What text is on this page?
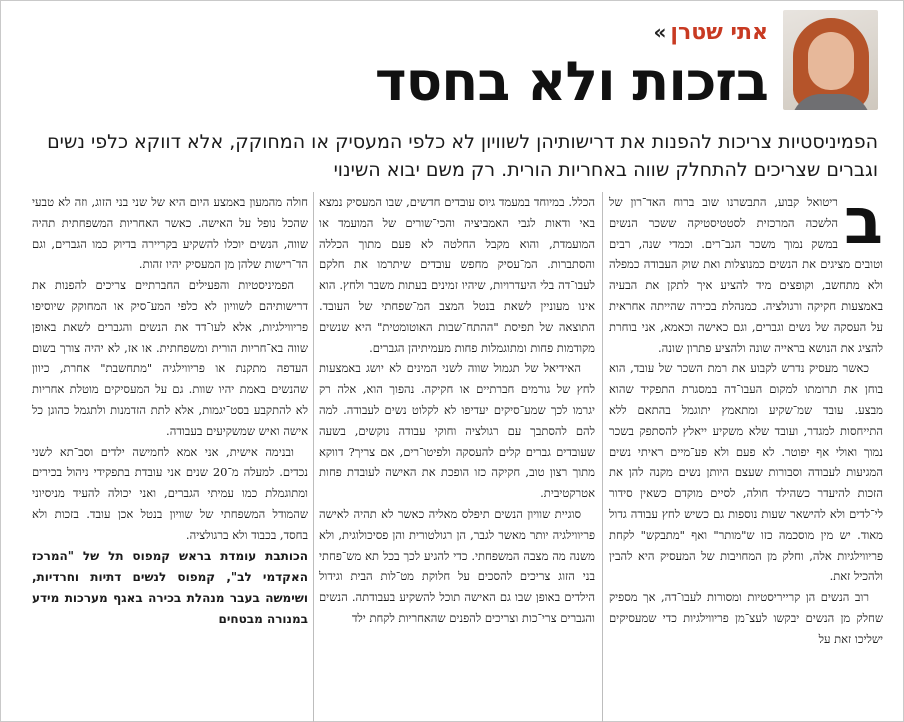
אתי שטרן
»
בזכות ולא בחסד
הפמיניסטיות צריכות להפנות את דרישותיהן לשוויון לא כלפי המעסיק או המחוקק, אלא דווקא כלפי נשים וגברים שצריכים להתחלק שווה באחריות הורית. רק משם יבוא השינוי
ב

ריטואל קבוע, התבשרנו שוב ברוח האד־רון של הלשכה המרכזית לסטטיסטיקה ששכר הנשים במשק נמוך משכר הגב־רים. וכמדי שנה, רבים וטובים מציגים את הנשים כמנוצלות ואת שוק העבודה כמפלה ולא מתחשב, וקופצים מיד להציע איך לתקן את הבעיה באמצעות חקיקה ורגולציה. כמנהלת בכירה שהייתה אחראית על העסקה של נשים וגברים, וגם כאישה וכאמא, אני בוחרת להציג את הנושא בראייה שונה ולהציע פתרון שונה.

כאשר מעסיק נדרש לקבוע את רמת השכר של עובד, הוא בוחן את תרומתו למקום העבו־דה במסגרת התפקיד שהוא מבצע. עובד שמ־שקיע ומתאמץ יתוגמל בהתאם ללא התייחסות למגדר, ועובד שלא משקיע ייאלץ להסתפק בשכר נמוך ואולי אף יפוטר. לא פעם ולא פע־מיים ראיתי נשים המגיעות לעבודה וסבורות שעצם היותן נשים מקנה להן את הזכות להיעדר כשהילד חולה, לסיים מוקדם כשאין סידור לי־לדים ולא להישאר שעות נוספות גם כשיש לחץ עבודה גדול מאוד. יש מין מוסכמה כזו ש"מותר" ואף "מתבקש" לקחת פריווילגיות אלה, וחלק מן המחויבות של המעסיק היא להבין ולהכיל זאת.

רוב הנשים הן קרייריסטיות ומסורות לעבו־דה, אך מספיק שחלק מן הנשים יבקשו לעצ־מן פריווילגיות כדי שמעסיקים ישליכו זאת על

הכלל. במיוחד במעמד גיוס עובדים חדשים, שבו המעסיק נמצא באי ודאות לגבי האמביציה והכי־שורים של המועמד או המועמדת, והוא מקבל החלטה לא פעם מתוך הכללה והסתברות. המ־עסיק מחפש עובדים שיתרמו את חלקם לעבו־דה בלי היעדרויות, שיהיו זמינים בעתות משבר ולחץ. הוא אינו מעוניין לשאת בנטל המצב המ־שפחתי של העובד. התוצאה של תפיסת "ההתח־שבות האוטומטית" היא שנשים מקודמות פחות ומתוגמלות פחות מעמיתיהן הגברים.

האידיאל של תגמול שווה לשני המינים לא יושג באמצעות לחץ של גורמים חברתיים או חקיקה. נהפוך הוא, אלה רק יגרמו לכך שמע־סיקים יעדיפו לא לקלוט נשים לעבודה. למה להם להסתבך עם רגולציה וחוקי עבודה נוקשים, בשעה שעובדים גברים קלים להעסקה ולפיטו־רים, אם צריך? דווקא מתוך רצון טוב, חקיקה כזו הופכת את האישה לעובדת פחות אטרקטיבית.

סוגיית שוויון הנשים תיפלס מאליה כאשר לא תהיה לאישה פריווילגיה יותר מאשר לגבר, הן רגולטורית והן פסיכולוגית, ולא משנה מה מצבה המשפחתי. כדי להגיע לכך בכל תא מש־פחתי בני הזוג צריכים להסכים על חלוקת מט־לות הבית וגידול הילדים באופן שבו גם האישה תוכל להשקיע בעבודתה. הנשים והגברים צרי־כות וצריכים להפנים שהאחריות לקחת ילד

חולה מהמעון באמצע היום היא של שני בני הזוג, וזה לא טבעי שהכל נופל על האישה. כאשר האחריות המשפחתית תהיה שווה, הנשים יוכלו להשקיע בקריירה בדיוק כמו הגברים, וגם הד־רישות שלהן מן המעסיק יהיו זהות.

הפמיניסטיות והפעילים החברתיים צריכים להפנות את דרישותיהם לשוויון לא כלפי המע־סיק או המחוקק שיוסיפו פריווילגיות, אלא לעו־דד את הנשים והגברים לשאת באופן שווה בא־חריות הורית ומשפחתית. או אז, לא יהיה צורך בשום העדפה מתקנת או פריווילגיה "מתחשבת" אחרת, כיוון שהנשים באמת יהיו שוות. גם על המעסיקים מוטלת אחריות לא להתקבע בסט־יגמות, אלא לתת הזדמנות ולתגמל כהוגן כל אישה ואיש שמשקיעים בעבודה.

ובנימה אישית, אני אמא לחמישה ילדים וסב־תא לשני נכדים. למעלה מ־20 שנים אני עובדת בתפקידי ניהול בכירים ומתוגמלת כמו עמיתי הגברים, ואני יכולה להעיד מניסיוני שהמודל המשפחתי של שוויון בנטל אכן עובד. בזכות ולא בחסד, בכבוד ולא ברגולציה.

הכותבת עומדת בראש קמפוס תל של "המרכז האקדמי לב", קמפוס לנשים דתיות וחרדיות, ושימשה בעבר מנהלת בכירה באגף מערכות מידע במנורה מבטחים
